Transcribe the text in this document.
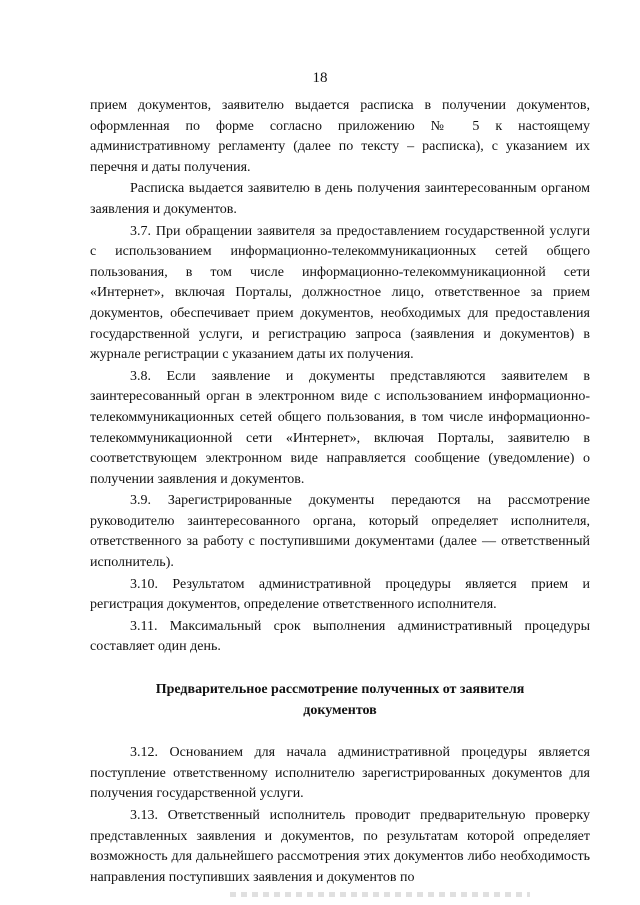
18

прием документов, заявителю выдается расписка в получении документов, оформленная по форме согласно приложению № 5 к настоящему административному регламенту (далее по тексту – расписка), с указанием их перечня и даты получения.

Расписка выдается заявителю в день получения заинтересованным органом заявления и документов.

3.7. При обращении заявителя за предоставлением государственной услуги с использованием информационно-телекоммуникационных сетей общего пользования, в том числе информационно-телекоммуникационной сети «Интернет», включая Порталы, должностное лицо, ответственное за прием документов, обеспечивает прием документов, необходимых для предоставления государственной услуги, и регистрацию запроса (заявления и документов) в журнале регистрации с указанием даты их получения.

3.8. Если заявление и документы представляются заявителем в заинтересованный орган в электронном виде с использованием информационно-телекоммуникационных сетей общего пользования, в том числе информационно-телекоммуникационной сети «Интернет», включая Порталы, заявителю в соответствующем электронном виде направляется сообщение (уведомление) о получении заявления и документов.

3.9. Зарегистрированные документы передаются на рассмотрение руководителю заинтересованного органа, который определяет исполнителя, ответственного за работу с поступившими документами (далее — ответственный исполнитель).

3.10. Результатом административной процедуры является прием и регистрация документов, определение ответственного исполнителя.

3.11. Максимальный срок выполнения административный процедуры составляет один день.

Предварительное рассмотрение полученных от заявителя
документов

3.12. Основанием для начала административной процедуры является поступление ответственному исполнителю зарегистрированных документов для получения государственной услуги.

3.13. Ответственный исполнитель проводит предварительную проверку представленных заявления и документов, по результатам которой определяет возможность для дальнейшего рассмотрения этих документов либо необходимость направления поступивших заявления и документов по
